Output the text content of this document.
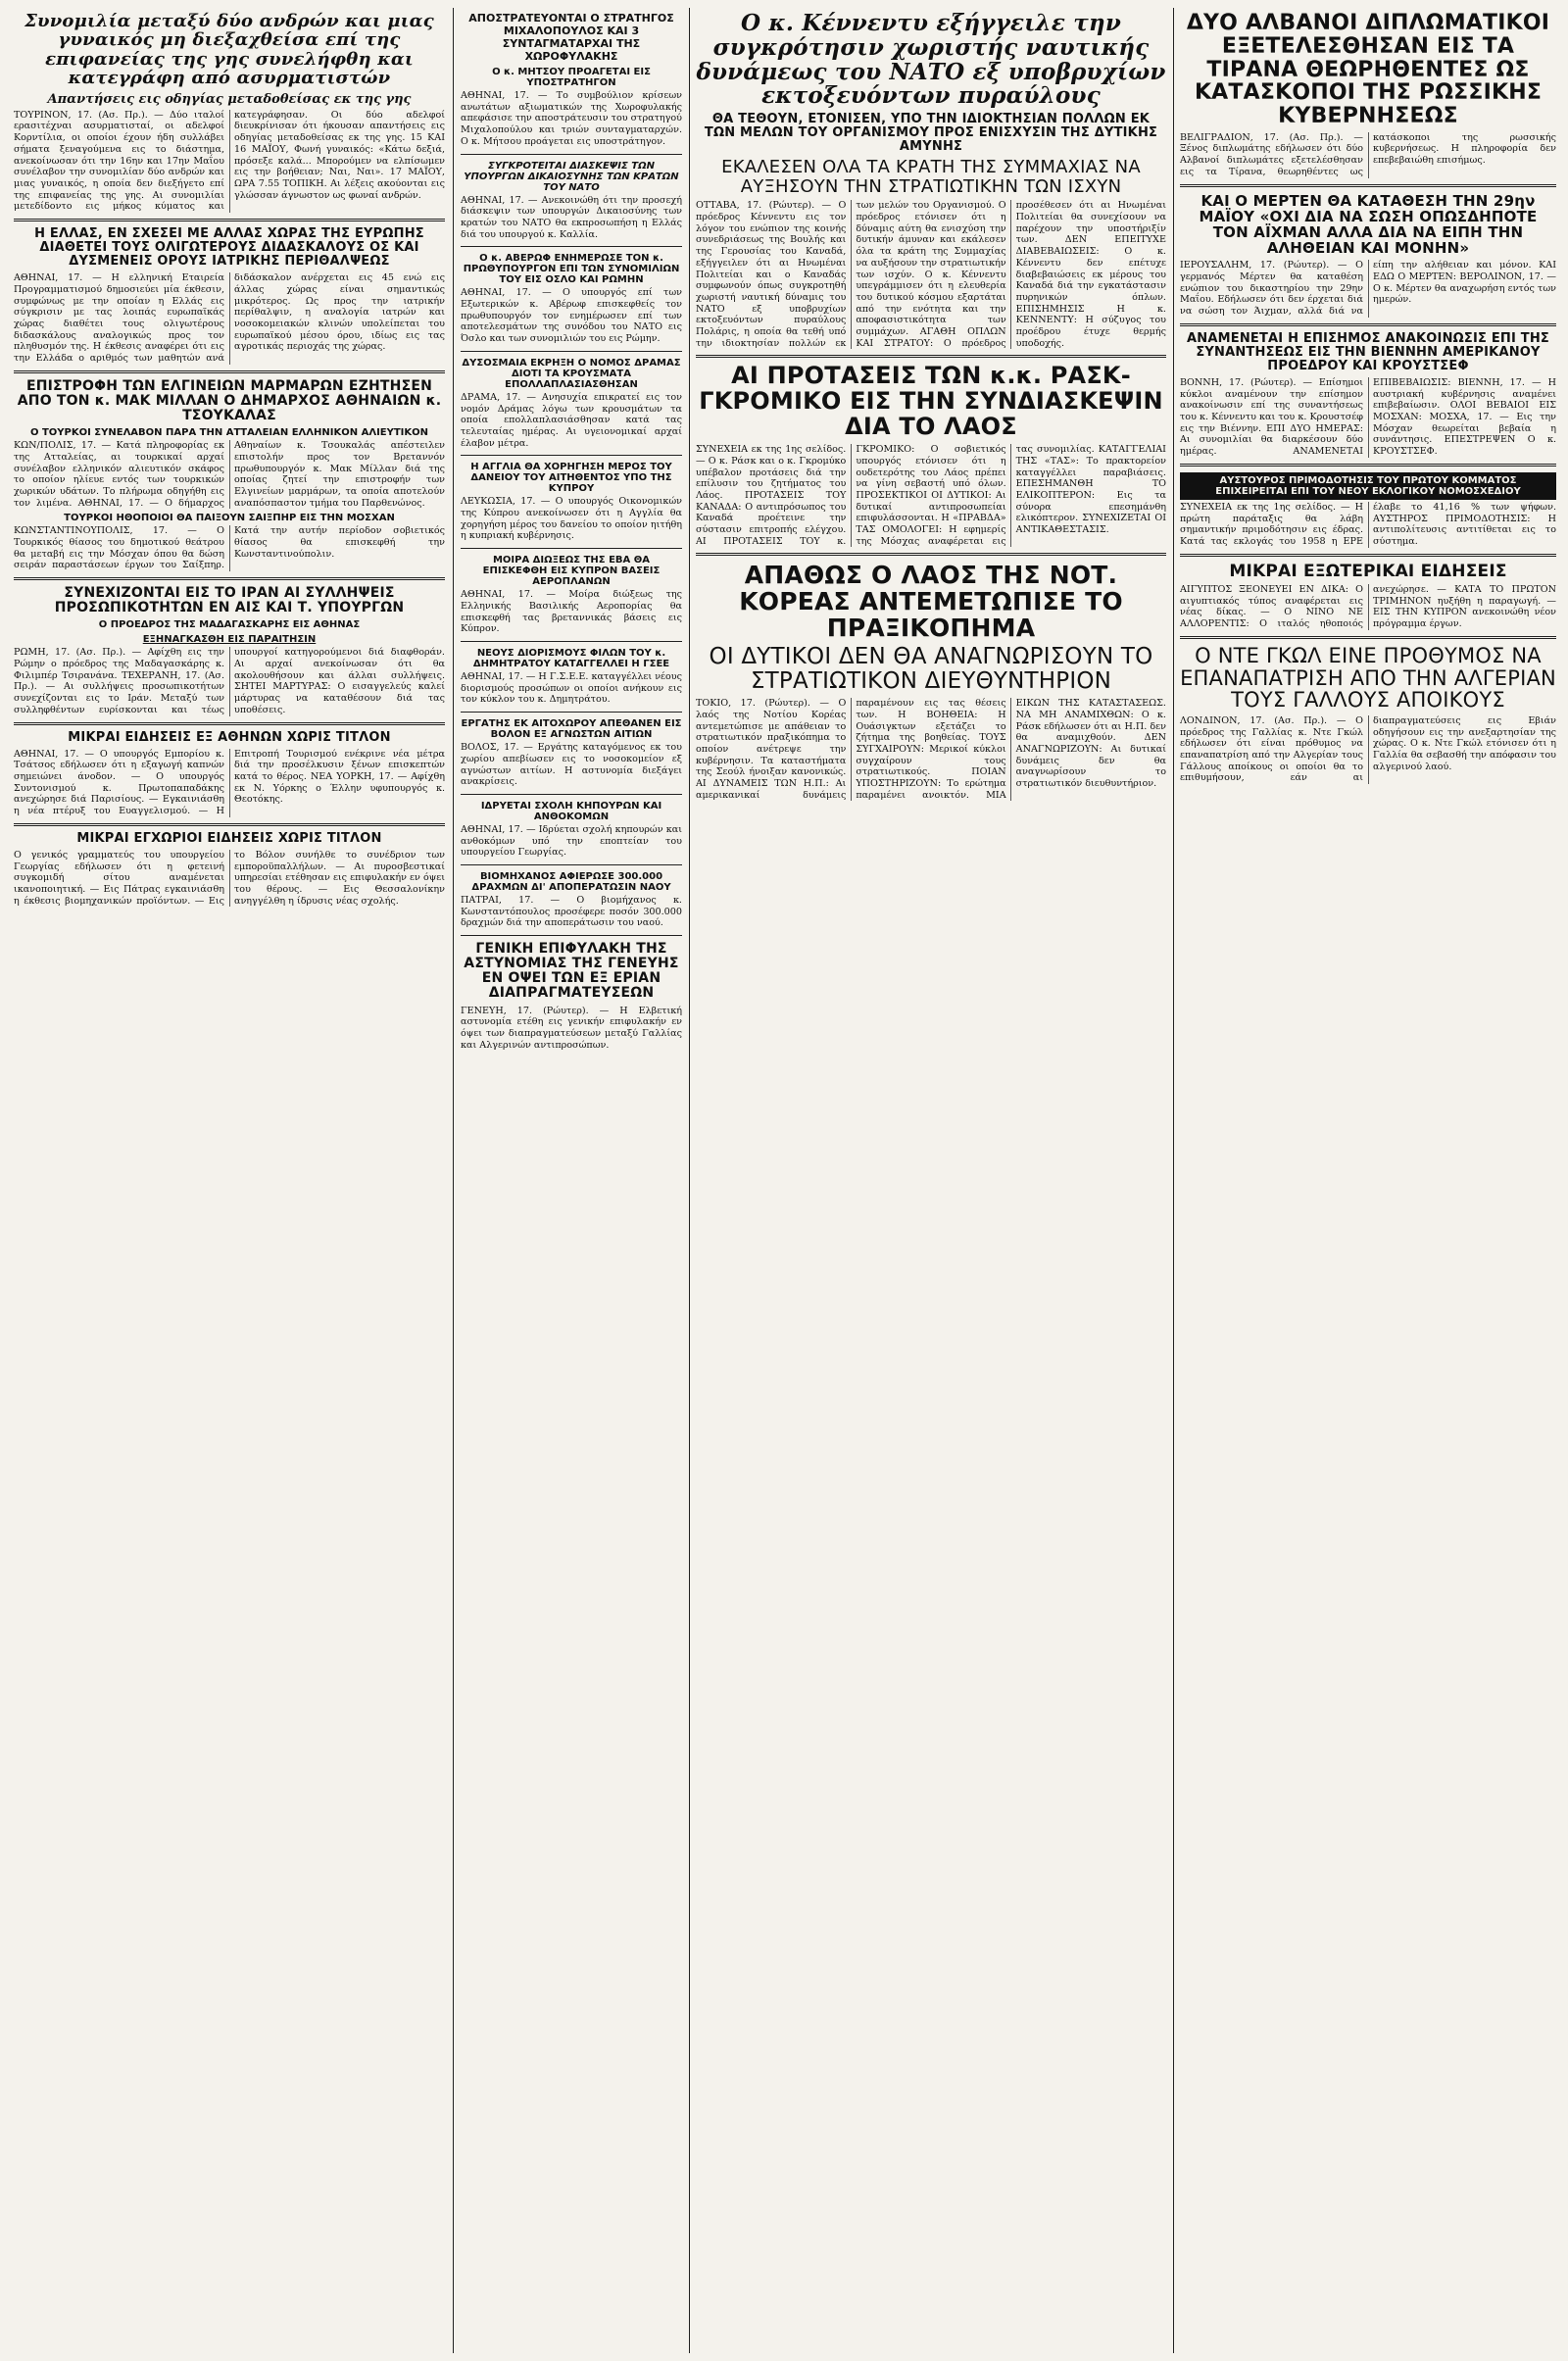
Συνομιλία μεταξύ δύο ανδρών και μιας γυναικός μη διεξαχθείσα επί της επιφανείας της γης συνελήφθη και κατεγράφη από ασυρματιστών
Απαντήσεις εις οδηγίας μεταδοθείσας εκ της γης
ΤΟΥΡΙΝΟΝ, 17. (Ασ. Πρ.). — Δύο ιταλοί ερασιτέχναι ασυρματισταί, οι αδελφοί Κορντίλια, οι οποίοι έχουν ήδη συλλάβει σήματα ξεναγούμενα εις το διάστημα, ανεκοίνωσαν ότι την 16ην και 17ην Μαΐου συνέλαβον την συνομιλίαν δύο ανδρών και μιας γυναικός, η οποία δεν διεξήγετο επί της επιφανείας της γης. Αι συνομιλίαι μετεδίδοντο εις μήκος κύματος και κατεγράφησαν. Οι δύο αδελφοί διευκρίνισαν ότι ήκουσαν απαντήσεις εις οδηγίας μεταδοθείσας εκ της γης. 15 ΚΑΙ 16 ΜΑΪΟΥ, Φωνή γυναικός: «Κάτω δεξιά, πρόσεξε καλά... Μπορούμεν να ελπίσωμεν εις την βοήθειαν; Ναι, Ναι». 17 ΜΑΪΟΥ, ΩΡΑ 7.55 ΤΟΠΙΚΗ. Αι λέξεις ακούονται εις γλώσσαν άγνωστον ως φωναί ανδρών.
Η ΕΛΛΑΣ, ΕΝ ΣΧΕΣΕΙ ΜΕ ΑΛΛΑΣ ΧΩΡΑΣ ΤΗΣ ΕΥΡΩΠΗΣ ΔΙΑΘΕΤΕΙ ΤΟΥΣ ΟΛΙΓΩΤΕΡΟΥΣ ΔΙΔΑΣΚΑΛΟΥΣ ΟΣ ΚΑΙ ΔΥΣΜΕΝΕΙΣ ΟΡΟΥΣ ΙΑΤΡΙΚΗΣ ΠΕΡΙΘΑΛΨΕΩΣ
ΑΘΗΝΑΙ, 17. — Η ελληνική Εταιρεία Προγραμματισμού δημοσιεύει μία έκθεσιν, συμφώνως με την οποίαν η Ελλάς εις σύγκρισιν με τας λοιπάς ευρωπαϊκάς χώρας διαθέτει τους ολιγωτέρους διδασκάλους αναλογικώς προς τον πληθυσμόν της. Η έκθεσις αναφέρει ότι εις την Ελλάδα ο αριθμός των μαθητών ανά διδάσκαλον ανέρχεται εις 45 ενώ εις άλλας χώρας είναι σημαντικώς μικρότερος. Ως προς την ιατρικήν περίθαλψιν, η αναλογία ιατρών και νοσοκομειακών κλινών υπολείπεται του ευρωπαϊκού μέσου όρου, ιδίως εις τας αγροτικάς περιοχάς της χώρας.
ΕΠΙΣΤΡΟΦΗ ΤΩΝ ΕΛΓΙΝΕΙΩΝ ΜΑΡΜΑΡΩΝ ΕΖΗΤΗΣΕΝ ΑΠΟ ΤΟΝ κ. ΜΑΚ ΜΙΛΛΑΝ Ο ΔΗΜΑΡΧΟΣ ΑΘΗΝΑΙΩΝ κ. ΤΣΟΥΚΑΛΑΣ
Ο ΤΟΥΡΚΟΙ ΣΥΝΕΛΑΒΟΝ ΠΑΡΑ ΤΗΝ ΑΤΤΑΛΕΙΑΝ ΕΛΛΗΝΙΚΟΝ ΑΛΙΕΥΤΙΚΟΝ
ΚΩΝ/ΠΟΛΙΣ, 17. — Κατά πληροφορίας εκ της Ατταλείας, αι τουρκικαί αρχαί συνέλαβον ελληνικόν αλιευτικόν σκάφος το οποίον ηλίευε εντός των τουρκικών χωρικών υδάτων. Το πλήρωμα οδηγήθη εις τον λιμένα. ΑΘΗΝΑΙ, 17. — Ο δήμαρχος Αθηναίων κ. Τσουκαλάς απέστειλεν επιστολήν προς τον Βρεταννόν πρωθυπουργόν κ. Μακ Μίλλαν διά της οποίας ζητεί την επιστροφήν των Ελγινείων μαρμάρων, τα οποία αποτελούν αναπόσπαστον τμήμα του Παρθενώνος.
ΤΟΥΡΚΟΙ ΗΘΟΠΟΙΟΙ ΘΑ ΠΑΙΞΟΥΝ ΣΑΙΞΠΗΡ ΕΙΣ ΤΗΝ ΜΟΣΧΑΝ
ΚΩΝΣΤΑΝΤΙΝΟΥΠΟΛΙΣ, 17. — Ο Τουρκικός θίασος του δημοτικού θεάτρου θα μεταβή εις την Μόσχαν όπου θα δώση σειράν παραστάσεων έργων του Σαίξπηρ. Κατά την αυτήν περίοδον σοβιετικός θίασος θα επισκεφθή την Κωνσταντινούπολιν.
ΣΥΝΕΧΙΖΟΝΤΑΙ ΕΙΣ ΤΟ ΙΡΑΝ ΑΙ ΣΥΛΛΗΨΕΙΣ ΠΡΟΣΩΠΙΚΟΤΗΤΩΝ ΕΝ ΑΙΣ ΚΑΙ Τ. ΥΠΟΥΡΓΩΝ
Ο ΠΡΟΕΔΡΟΣ ΤΗΣ ΜΑΔΑΓΑΣΚΑΡΗΣ ΕΙΣ ΑΘΗΝΑΣ
ΕΞΗΝΑΓΚΑΣΘΗ ΕΙΣ ΠΑΡΑΙΤΗΣΙΝ
ΡΩΜΗ, 17. (Ασ. Πρ.). — Αφίχθη εις την Ρώμην ο πρόεδρος της Μαδαγασκάρης κ. Φιλιμπέρ Τσιρανάνα. ΤΕΧΕΡΑΝΗ, 17. (Ασ. Πρ.). — Αι συλλήψεις προσωπικοτήτων συνεχίζονται εις το Ιράν. Μεταξύ των συλληφθέντων ευρίσκονται και τέως υπουργοί κατηγορούμενοι διά διαφθοράν. Αι αρχαί ανεκοίνωσαν ότι θα ακολουθήσουν και άλλαι συλλήψεις. ΣΗΤΕΙ ΜΑΡΤΥΡΑΣ: Ο εισαγγελεύς καλεί μάρτυρας να καταθέσουν διά τας υποθέσεις.
ΜΙΚΡΑΙ ΕΙΔΗΣΕΙΣ ΕΞ ΑΘΗΝΩΝ ΧΩΡΙΣ ΤΙΤΛΟΝ
ΑΘΗΝΑΙ, 17. — Ο υπουργός Εμπορίου κ. Τσάτσος εδήλωσεν ότι η εξαγωγή καπνών σημειώνει άνοδον. — Ο υπουργός Συντονισμού κ. Πρωτοπαπαδάκης ανεχώρησε διά Παρισίους. — Εγκαινιάσθη η νέα πτέρυξ του Ευαγγελισμού. — Η Επιτροπή Τουρισμού ενέκρινε νέα μέτρα διά την προσέλκυσιν ξένων επισκεπτών κατά το θέρος. ΝΕΑ ΥΟΡΚΗ, 17. — Αφίχθη εκ Ν. Υόρκης ο Έλλην υφυπουργός κ. Θεοτόκης.
ΜΙΚΡΑΙ ΕΓΧΩΡΙΟΙ ΕΙΔΗΣΕΙΣ ΧΩΡΙΣ ΤΙΤΛΟΝ
Ο γενικός γραμματεύς του υπουργείου Γεωργίας εδήλωσεν ότι η φετεινή συγκομιδή σίτου αναμένεται ικανοποιητική. — Εις Πάτρας εγκαινιάσθη η έκθεσις βιομηχανικών προϊόντων. — Εις το Βόλον συνήλθε το συνέδριον των εμποροϋπαλλήλων. — Αι πυροσβεστικαί υπηρεσίαι ετέθησαν εις επιφυλακήν εν όψει του θέρους. — Εις Θεσσαλονίκην ανηγγέλθη η ίδρυσις νέας σχολής.
ΑΠΟΣΤΡΑΤΕΥΟΝΤΑΙ Ο ΣΤΡΑΤΗΓΟΣ ΜΙΧΑΛΟΠΟΥΛΟΣ ΚΑΙ 3 ΣΥΝΤΑΓΜΑΤΑΡΧΑΙ ΤΗΣ ΧΩΡΟΦΥΛΑΚΗΣ
Ο κ. ΜΗΤΣΟΥ ΠΡΟΑΓΕΤΑΙ ΕΙΣ ΥΠΟΣΤΡΑΤΗΓΟΝ
ΑΘΗΝΑΙ, 17. — Το συμβούλιον κρίσεων ανωτάτων αξιωματικών της Χωροφυλακής απεφάσισε την αποστράτευσιν του στρατηγού Μιχαλοπούλου και τριών συνταγματαρχών. Ο κ. Μήτσου προάγεται εις υποστράτηγον.
ΣΥΓΚΡΟΤΕΙΤΑΙ ΔΙΑΣΚΕΨΙΣ ΤΩΝ ΥΠΟΥΡΓΩΝ ΔΙΚΑΙΟΣΥΝΗΣ ΤΩΝ ΚΡΑΤΩΝ ΤΟΥ ΝΑΤΟ
ΑΘΗΝΑΙ, 17. — Ανεκοινώθη ότι την προσεχή διάσκεψιν των υπουργών Δικαιοσύνης των κρατών του ΝΑΤΟ θα εκπροσωπήση η Ελλάς διά του υπουργού κ. Καλλία.
Ο κ. ΑΒΕΡΩΦ ΕΝΗΜΕΡΩΣΕ ΤΟΝ κ. ΠΡΩΘΥΠΟΥΡΓΟΝ ΕΠΙ ΤΩΝ ΣΥΝΟΜΙΛΙΩΝ ΤΟΥ ΕΙΣ ΟΣΛΟ ΚΑΙ ΡΩΜΗΝ
ΑΘΗΝΑΙ, 17. — Ο υπουργός επί των Εξωτερικών κ. Αβέρωφ επισκεφθείς τον πρωθυπουργόν τον ενημέρωσεν επί των αποτελεσμάτων της συνόδου του ΝΑΤΟ εις Όσλο και των συνομιλιών του εις Ρώμην.
ΔΥΣΟΣΜΑΙΑ ΕΚΡΗΞΗ Ο ΝΟΜΟΣ ΔΡΑΜΑΣ ΔΙΟΤΙ ΤΑ ΚΡΟΥΣΜΑΤΑ ΕΠΟΛΛΑΠΛΑΣΙΑΣΘΗΣΑΝ
ΔΡΑΜΑ, 17. — Ανησυχία επικρατεί εις τον νομόν Δράμας λόγω των κρουσμάτων τα οποία επολλαπλασιάσθησαν κατά τας τελευταίας ημέρας. Αι υγειονομικαί αρχαί έλαβον μέτρα.
Η ΑΓΓΛΙΑ ΘΑ ΧΟΡΗΓΗΣΗ ΜΕΡΟΣ ΤΟΥ ΔΑΝΕΙΟΥ ΤΟΥ ΑΙΤΗΘΕΝΤΟΣ ΥΠΟ ΤΗΣ ΚΥΠΡΟΥ
ΛΕΥΚΩΣΙΑ, 17. — Ο υπουργός Οικονομικών της Κύπρου ανεκοίνωσεν ότι η Αγγλία θα χορηγήση μέρος του δανείου το οποίον ηιτήθη η κυπριακή κυβέρνησις.
ΜΟΙΡΑ ΔΙΩΞΕΩΣ ΤΗΣ ΕΒΑ ΘΑ ΕΠΙΣΚΕΦΘΗ ΕΙΣ ΚΥΠΡΟΝ ΒΑΣΕΙΣ ΑΕΡΟΠΛΑΝΩΝ
ΑΘΗΝΑΙ, 17. — Μοίρα διώξεως της Ελληνικής Βασιλικής Αεροπορίας θα επισκεφθή τας βρεταννικάς βάσεις εις Κύπρον.
ΝΕΟΥΣ ΔΙΟΡΙΣΜΟΥΣ ΦΙΛΩΝ ΤΟΥ κ. ΔΗΜΗΤΡΑΤΟΥ ΚΑΤΑΓΓΕΛΛΕΙ Η ΓΣΕΕ
ΑΘΗΝΑΙ, 17. — Η Γ.Σ.Ε.Ε. καταγγέλλει νέους διορισμούς προσώπων οι οποίοι ανήκουν εις τον κύκλον του κ. Δημητράτου.
ΕΡΓΑΤΗΣ ΕΚ ΑΙΤΟΧΩΡΟΥ ΑΠΕΘΑΝΕΝ ΕΙΣ ΒΟΛΟΝ ΕΞ ΑΓΝΩΣΤΩΝ ΑΙΤΙΩΝ
ΒΟΛΟΣ, 17. — Εργάτης καταγόμενος εκ του χωρίου απεβίωσεν εις το νοσοκομείον εξ αγνώστων αιτίων. Η αστυνομία διεξάγει ανακρίσεις.
ΙΔΡΥΕΤΑΙ ΣΧΟΛΗ ΚΗΠΟΥΡΩΝ ΚΑΙ ΑΝΘΟΚΟΜΩΝ
ΑΘΗΝΑΙ, 17. — Ιδρύεται σχολή κηπουρών και ανθοκόμων υπό την εποπτείαν του υπουργείου Γεωργίας.
ΒΙΟΜΗΧΑΝΟΣ ΑΦΙΕΡΩΣΕ 300.000 ΔΡΑΧΜΩΝ ΔΙ' ΑΠΟΠΕΡΑΤΩΣΙΝ ΝΑΟΥ
ΠΑΤΡΑΙ, 17. — Ο βιομήχανος κ. Κωνσταντόπουλος προσέφερε ποσόν 300.000 δραχμών διά την αποπεράτωσιν του ναού.
ΓΕΝΙΚΗ ΕΠΙΦΥΛΑΚΗ ΤΗΣ ΑΣΤΥΝΟΜΙΑΣ ΤΗΣ ΓΕΝΕΥΗΣ ΕΝ ΟΨΕΙ ΤΩΝ ΕΞ ΕΡΙΑΝ ΔΙΑΠΡΑΓΜΑΤΕΥΣΕΩΝ
ΓΕΝΕΥΗ, 17. (Ρώυτερ). — Η Ελβετική αστυνομία ετέθη εις γενικήν επιφυλακήν εν όψει των διαπραγματεύσεων μεταξύ Γαλλίας και Αλγερινών αντιπροσώπων.
Ο κ. Κέννεντυ εξήγγειλε την συγκρότησιν χωριστής ναυτικής δυνάμεως του ΝΑΤΟ εξ υποβρυχίων εκτοξευόντων πυραύλους
ΘΑ ΤΕΘΟΥΝ, ΕΤΟΝΙΣΕΝ, ΥΠΟ ΤΗΝ ΙΔΙΟΚΤΗΣΙΑΝ ΠΟΛΛΩΝ ΕΚ ΤΩΝ ΜΕΛΩΝ ΤΟΥ ΟΡΓΑΝΙΣΜΟΥ ΠΡΟΣ ΕΝΙΣΧΥΣΙΝ ΤΗΣ ΔΥΤΙΚΗΣ ΑΜΥΝΗΣ
ΕΚΑΛΕΣΕΝ ΟΛΑ ΤΑ ΚΡΑΤΗ ΤΗΣ ΣΥΜΜΑΧΙΑΣ ΝΑ ΑΥΞΗΣΟΥΝ ΤΗΝ ΣΤΡΑΤΙΩΤΙΚΗΝ ΤΩΝ ΙΣΧΥΝ
ΟΤΤΑΒΑ, 17. (Ρώυτερ). — Ο πρόεδρος Κέννεντυ εις τον λόγον του ενώπιον της κοινής συνεδριάσεως της Βουλής και της Γερουσίας του Καναδά, εξήγγειλεν ότι αι Ηνωμέναι Πολιτείαι και ο Καναδάς συμφωνούν όπως συγκροτηθή χωριστή ναυτική δύναμις του ΝΑΤΟ εξ υποβρυχίων εκτοξευόντων πυραύλους Πολάρις, η οποία θα τεθή υπό την ιδιοκτησίαν πολλών εκ των μελών του Οργανισμού. Ο πρόεδρος ετόνισεν ότι η δύναμις αύτη θα ενισχύση την δυτικήν άμυναν και εκάλεσεν όλα τα κράτη της Συμμαχίας να αυξήσουν την στρατιωτικήν των ισχύν. Ο κ. Κέννεντυ υπεγράμμισεν ότι η ελευθερία του δυτικού κόσμου εξαρτάται από την ενότητα και την αποφασιστικότητα των συμμάχων. ΑΓΑΘΗ ΟΠΛΩΝ ΚΑΙ ΣΤΡΑΤΟΥ: Ο πρόεδρος προσέθεσεν ότι αι Ηνωμέναι Πολιτείαι θα συνεχίσουν να παρέχουν την υποστήριξίν των. ΔΕΝ ΕΠΕΙΤΥΧΕ ΔΙΑΒΕΒΑΙΩΣΕΙΣ: Ο κ. Κέννεντυ δεν επέτυχε διαβεβαιώσεις εκ μέρους του Καναδά διά την εγκατάστασιν πυρηνικών όπλων. ΕΠΙΣΗΜΗΣΙΣ Η κ. ΚΕΝΝΕΝΤΥ: Η σύζυγος του προέδρου έτυχε θερμής υποδοχής.
ΑΙ ΠΡΟΤΑΣΕΙΣ ΤΩΝ κ.κ. ΡΑΣΚ-ΓΚΡΟΜΙΚΟ ΕΙΣ ΤΗΝ ΣΥΝΔΙΑΣΚΕΨΙΝ ΔΙΑ ΤΟ ΛΑΟΣ
ΣΥΝΕΧΕΙΑ εκ της 1ης σελίδος. — Ο κ. Ράσκ και ο κ. Γκρομύκο υπέβαλον προτάσεις διά την επίλυσιν του ζητήματος του Λάος. ΠΡΟΤΑΣΕΙΣ ΤΟΥ ΚΑΝΑΔΑ: Ο αντιπρόσωπος του Καναδά προέτεινε την σύστασιν επιτροπής ελέγχου. ΑΙ ΠΡΟΤΑΣΕΙΣ ΤΟΥ κ. ΓΚΡΟΜΙΚΟ: Ο σοβιετικός υπουργός ετόνισεν ότι η ουδετερότης του Λάος πρέπει να γίνη σεβαστή υπό όλων. ΠΡΟΣΕΚΤΙΚΟΙ ΟΙ ΔΥΤΙΚΟΙ: Αι δυτικαί αντιπροσωπείαι επιφυλάσσονται. Η «ΠΡΑΒΔΑ» ΤΑΣ ΟΜΟΛΟΓΕΙ: Η εφημερίς της Μόσχας αναφέρεται εις τας συνομιλίας. ΚΑΤΑΓΓΕΛΙΑΙ ΤΗΣ «ΤΑΣ»: Το πρακτορείον καταγγέλλει παραβιάσεις. ΕΠΕΣΗΜΑΝΘΗ ΤΟ ΕΛΙΚΟΠΤΕΡΟΝ: Εις τα σύνορα επεσημάνθη ελικόπτερον. ΣΥΝΕΧΙΖΕΤΑΙ ΟΙ ΑΝΤΙΚΑΘΕΣΤΑΣΙΣ.
ΑΠΑΘΩΣ Ο ΛΑΟΣ ΤΗΣ ΝΟΤ. ΚΟΡΕΑΣ ΑΝΤΕΜΕΤΩΠΙΣΕ ΤΟ ΠΡΑΞΙΚΟΠΗΜΑ
ΟΙ ΔΥΤΙΚΟΙ ΔΕΝ ΘΑ ΑΝΑΓΝΩΡΙΣΟΥΝ ΤΟ ΣΤΡΑΤΙΩΤΙΚΟΝ ΔΙΕΥΘΥΝΤΗΡΙΟΝ
ΤΟΚΙΟ, 17. (Ρώυτερ). — Ο λαός της Νοτίου Κορέας αντεμετώπισε με απάθειαν το στρατιωτικόν πραξικόπημα το οποίον ανέτρεψε την κυβέρνησιν. Τα καταστήματα της Σεούλ ήνοιξαν κανονικώς. ΑΙ ΔΥΝΑΜΕΙΣ ΤΩΝ Η.Π.: Αι αμερικανικαί δυνάμεις παραμένουν εις τας θέσεις των. Η ΒΟΗΘΕΙΑ: Η Ουάσιγκτων εξετάζει το ζήτημα της βοηθείας. ΤΟΥΣ ΣΥΓΧΑΙΡΟΥΝ: Μερικοί κύκλοι συγχαίρουν τους στρατιωτικούς. ΠΟΙΑΝ ΥΠΟΣΤΗΡΙΖΟΥΝ: Το ερώτημα παραμένει ανοικτόν. ΜΙΑ ΕΙΚΩΝ ΤΗΣ ΚΑΤΑΣΤΑΣΕΩΣ. ΝΑ ΜΗ ΑΝΑΜΙΧΘΩΝ: Ο κ. Ράσκ εδήλωσεν ότι αι Η.Π. δεν θα αναμιχθούν. ΔΕΝ ΑΝΑΓΝΩΡΙΖΟΥΝ: Αι δυτικαί δυνάμεις δεν θα αναγνωρίσουν το στρατιωτικόν διευθυντήριον.
ΔΥΟ ΑΛΒΑΝΟΙ ΔΙΠΛΩΜΑΤΙΚΟΙ ΕΞΕΤΕΛΕΣΘΗΣΑΝ ΕΙΣ ΤΑ ΤΙΡΑΝΑ ΘΕΩΡΗΘΕΝΤΕΣ ΩΣ ΚΑΤΑΣΚΟΠΟΙ ΤΗΣ ΡΩΣΣΙΚΗΣ ΚΥΒΕΡΝΗΣΕΩΣ
ΒΕΛΙΓΡΑΔΙΟΝ, 17. (Ασ. Πρ.). — Ξένος διπλωμάτης εδήλωσεν ότι δύο Αλβανοί διπλωμάτες εξετελέσθησαν εις τα Τίρανα, θεωρηθέντες ως κατάσκοποι της ρωσσικής κυβερνήσεως. Η πληροφορία δεν επεβεβαιώθη επισήμως.
ΚΑΙ Ο ΜΕΡΤΕΝ ΘΑ ΚΑΤΑΘΕΣΗ ΤΗΝ 29ην ΜΑΪΟΥ «ΟΧΙ ΔΙΑ ΝΑ ΣΩΣΗ ΟΠΩΣΔΗΠΟΤΕ ΤΟΝ ΑΪΧΜΑΝ ΑΛΛΑ ΔΙΑ ΝΑ ΕΙΠΗ ΤΗΝ ΑΛΗΘΕΙΑΝ ΚΑΙ ΜΟΝΗΝ»
ΙΕΡΟΥΣΑΛΗΜ, 17. (Ρώυτερ). — Ο γερμανός Μέρτεν θα καταθέση ενώπιον του δικαστηρίου την 29ην Μαΐου. Εδήλωσεν ότι δεν έρχεται διά να σώση τον Άιχμαν, αλλά διά να είπη την αλήθειαν και μόνον. ΚΑΙ ΕΔΩ Ο ΜΕΡΤΕΝ: ΒΕΡΟΛΙΝΟΝ, 17. — Ο κ. Μέρτεν θα αναχωρήση εντός των ημερών.
ΑΝΑΜΕΝΕΤΑΙ Η ΕΠΙΣΗΜΟΣ ΑΝΑΚΟΙΝΩΣΙΣ ΕΠΙ ΤΗΣ ΣΥΝΑΝΤΗΣΕΩΣ ΕΙΣ ΤΗΝ ΒΙΕΝΝΗΝ ΑΜΕΡΙΚΑΝΟΥ ΠΡΟΕΔΡΟΥ ΚΑΙ ΚΡΟΥΣΤΣΕΦ
ΒΟΝΝΗ, 17. (Ρώυτερ). — Επίσημοι κύκλοι αναμένουν την επίσημον ανακοίνωσιν επί της συναντήσεως του κ. Κέννεντυ και του κ. Κρουστσέφ εις την Βιέννην. ΕΠΙ ΔΥΟ ΗΜΕΡΑΣ: Αι συνομιλίαι θα διαρκέσουν δύο ημέρας. ΑΝΑΜΕΝΕΤΑΙ ΕΠΙΒΕΒΑΙΩΣΙΣ: ΒΙΕΝΝΗ, 17. — Η αυστριακή κυβέρνησις αναμένει επιβεβαίωσιν. ΟΛΟΙ ΒΕΒΑΙΟΙ ΕΙΣ ΜΟΣΧΑΝ: ΜΟΣΧΑ, 17. — Εις την Μόσχαν θεωρείται βεβαία η συνάντησις. ΕΠΕΣΤΡΕΨΕΝ Ο κ. ΚΡΟΥΣΤΣΕΦ.
ΑΥΣΤΟΥΡΟΣ ΠΡΙΜΟΔΟΤΗΣΙΣ ΤΟΥ ΠΡΩΤΟΥ ΚΟΜΜΑΤΟΣ ΕΠΙΧΕΙΡΕΙΤΑΙ ΕΠΙ ΤΟΥ ΝΕΟΥ ΕΚΛΟΓΙΚΟΥ ΝΟΜΟΣΧΕΔΙΟΥ
ΣΥΝΕΧΕΙΑ εκ της 1ης σελίδος. — Η πρώτη παράταξις θα λάβη σημαντικήν πριμοδότησιν εις έδρας. Κατά τας εκλογάς του 1958 η ΕΡΕ έλαβε το 41,16 % των ψήφων. ΑΥΣΤΗΡΟΣ ΠΡΙΜΟΔΟΤΗΣΙΣ: Η αντιπολίτευσις αντιτίθεται εις το σύστημα.
ΜΙΚΡΑΙ ΕΞΩΤΕΡΙΚΑΙ ΕΙΔΗΣΕΙΣ
ΑΙΓΥΠΤΟΣ ΞΕΟΝΕΥΕΙ ΕΝ ΔΙΚΑ: Ο αιγυπτιακός τύπος αναφέρεται εις νέας δίκας. — Ο ΝΙΝΟ ΝΕ ΑΛΛΟΡΕΝΤΙΣ: Ο ιταλός ηθοποιός ανεχώρησε. — ΚΑΤΑ ΤΟ ΠΡΩΤΟΝ ΤΡΙΜΗΝΟΝ ηυξήθη η παραγωγή. — ΕΙΣ ΤΗΝ ΚΥΠΡΟΝ ανεκοινώθη νέον πρόγραμμα έργων.
Ο ΝΤΕ ΓΚΩΛ ΕΙΝΕ ΠΡΟΘΥΜΟΣ ΝΑ ΕΠΑΝΑΠΑΤΡΙΣΗ ΑΠΟ ΤΗΝ ΑΛΓΕΡΙΑΝ ΤΟΥΣ ΓΑΛΛΟΥΣ ΑΠΟΙΚΟΥΣ
ΛΟΝΔΙΝΟΝ, 17. (Ασ. Πρ.). — Ο πρόεδρος της Γαλλίας κ. Ντε Γκώλ εδήλωσεν ότι είναι πρόθυμος να επαναπατρίση από την Αλγερίαν τους Γάλλους αποίκους οι οποίοι θα το επιθυμήσουν, εάν αι διαπραγματεύσεις εις Εβιάν οδηγήσουν εις την ανεξαρτησίαν της χώρας. Ο κ. Ντε Γκώλ ετόνισεν ότι η Γαλλία θα σεβασθή την απόφασιν του αλγερινού λαού.
